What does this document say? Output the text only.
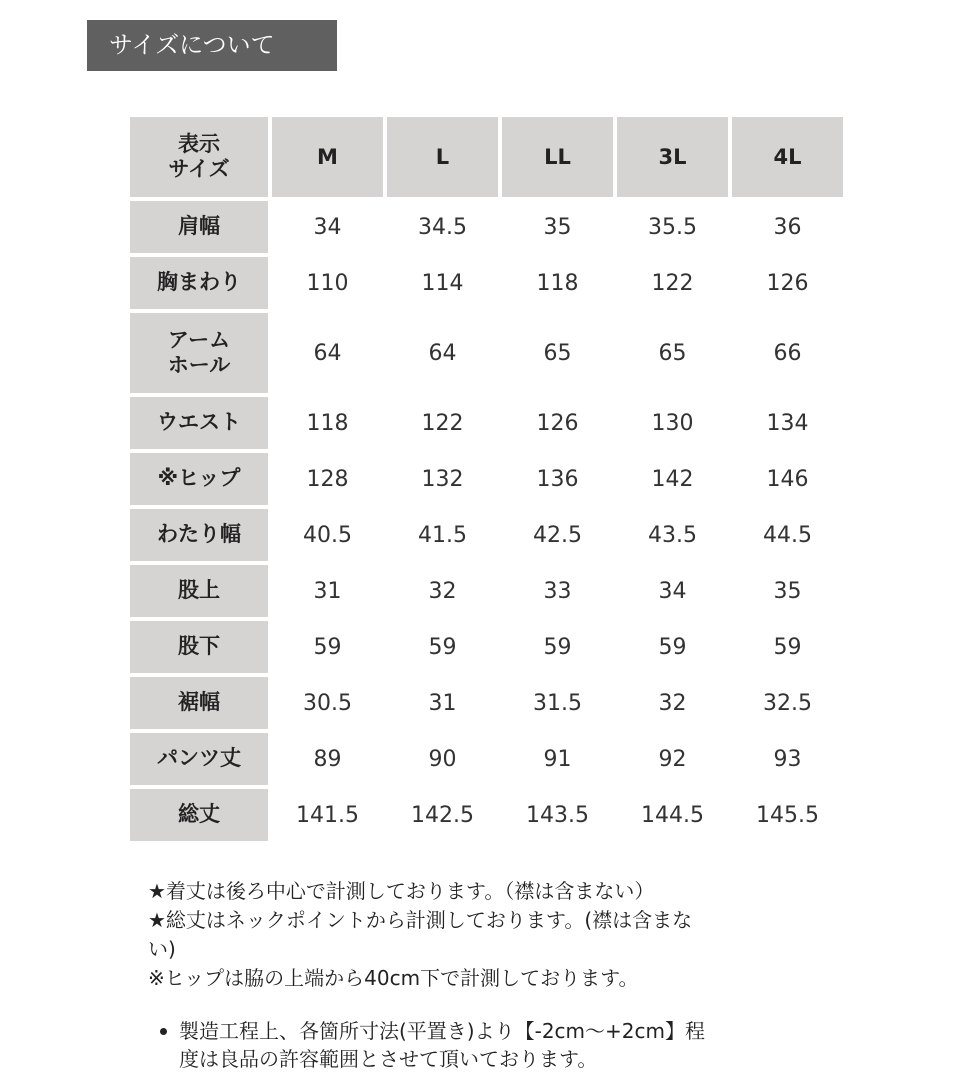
サイズについて
表示
サイズ	M	L	LL	3L	4L
肩幅	34	34.5	35	35.5	36
胸まわり	110	114	118	122	126
アーム
ホール	64	64	65	65	66
ウエスト	118	122	126	130	134
※ヒップ	128	132	136	142	146
わたり幅	40.5	41.5	42.5	43.5	44.5
股上	31	32	33	34	35
股下	59	59	59	59	59
裾幅	30.5	31	31.5	32	32.5
パンツ丈	89	90	91	92	93
総丈	141.5	142.5	143.5	144.5	145.5
★着丈は後ろ中心で計測しております。（襟は含まない）
★総丈はネックポイントから計測しております。(襟は含まな
い)
※ヒップは脇の上端から40cm下で計測しております。
製造工程上、各箇所寸法(平置き)より【-2cm～+2cm】程
度は良品の許容範囲とさせて頂いております。
